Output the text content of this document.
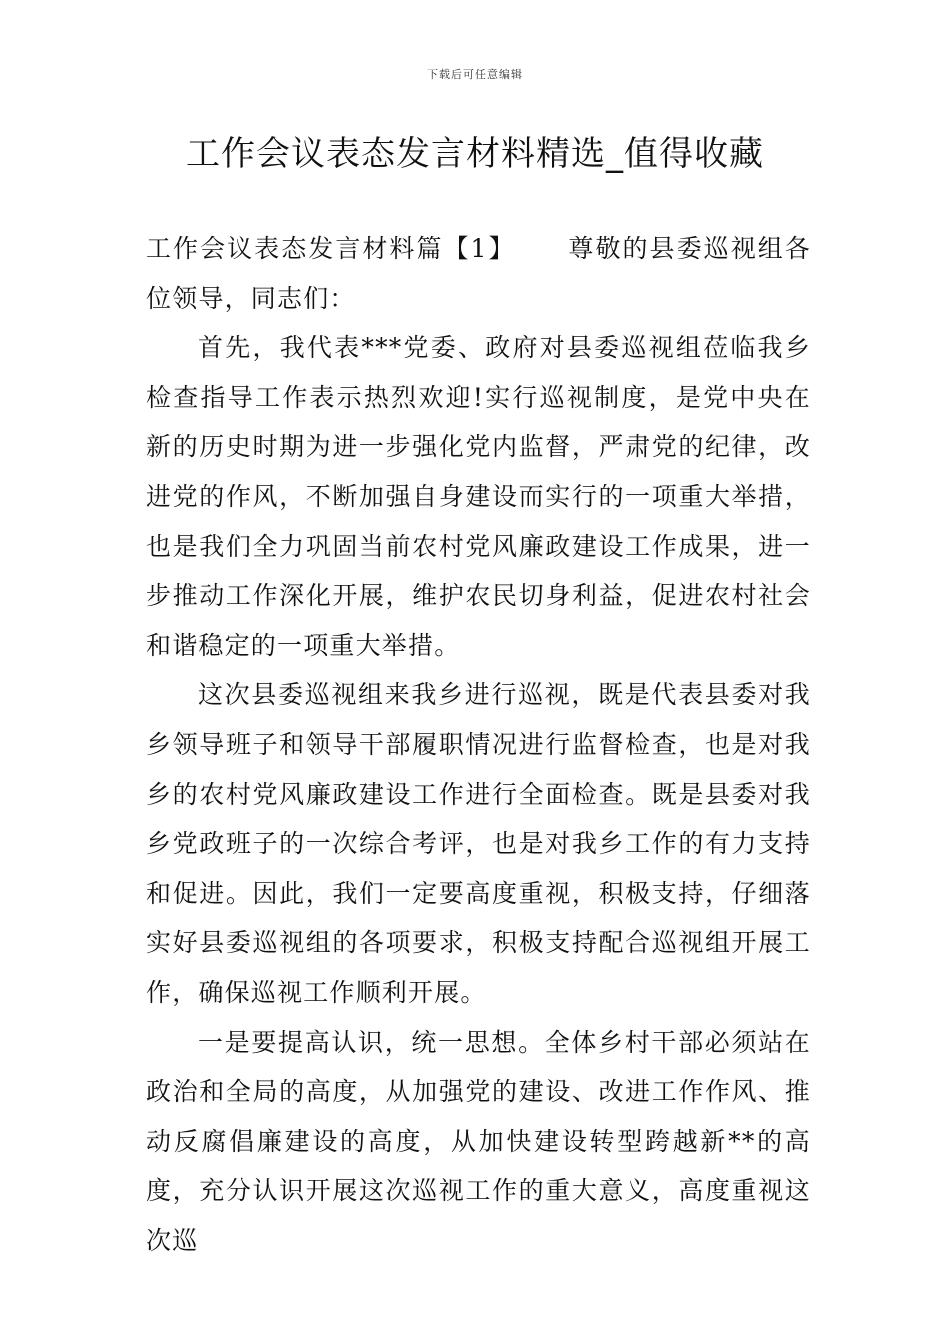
下载后可任意编辑
工作会议表态发言材料精选_值得收藏

工作会议表态发言材料篇【1】 尊敬的县委巡视组各位领导，同志们：

首先，我代表***党委、政府对县委巡视组莅临我乡检查指导工作表示热烈欢迎!实行巡视制度，是党中央在新的历史时期为进一步强化党内监督，严肃党的纪律，改进党的作风，不断加强自身建设而实行的一项重大举措，也是我们全力巩固当前农村党风廉政建设工作成果，进一步推动工作深化开展，维护农民切身利益，促进农村社会和谐稳定的一项重大举措。

这次县委巡视组来我乡进行巡视，既是代表县委对我乡领导班子和领导干部履职情况进行监督检查，也是对我乡的农村党风廉政建设工作进行全面检查。既是县委对我乡党政班子的一次综合考评，也是对我乡工作的有力支持和促进。因此，我们一定要高度重视，积极支持，仔细落实好县委巡视组的各项要求，积极支持配合巡视组开展工作，确保巡视工作顺利开展。

一是要提高认识，统一思想。全体乡村干部必须站在政治和全局的高度，从加强党的建设、改进工作作风、推动反腐倡廉建设的高度，从加快建设转型跨越新**的高度，充分认识开展这次巡视工作的重大意义，高度重视这次巡
